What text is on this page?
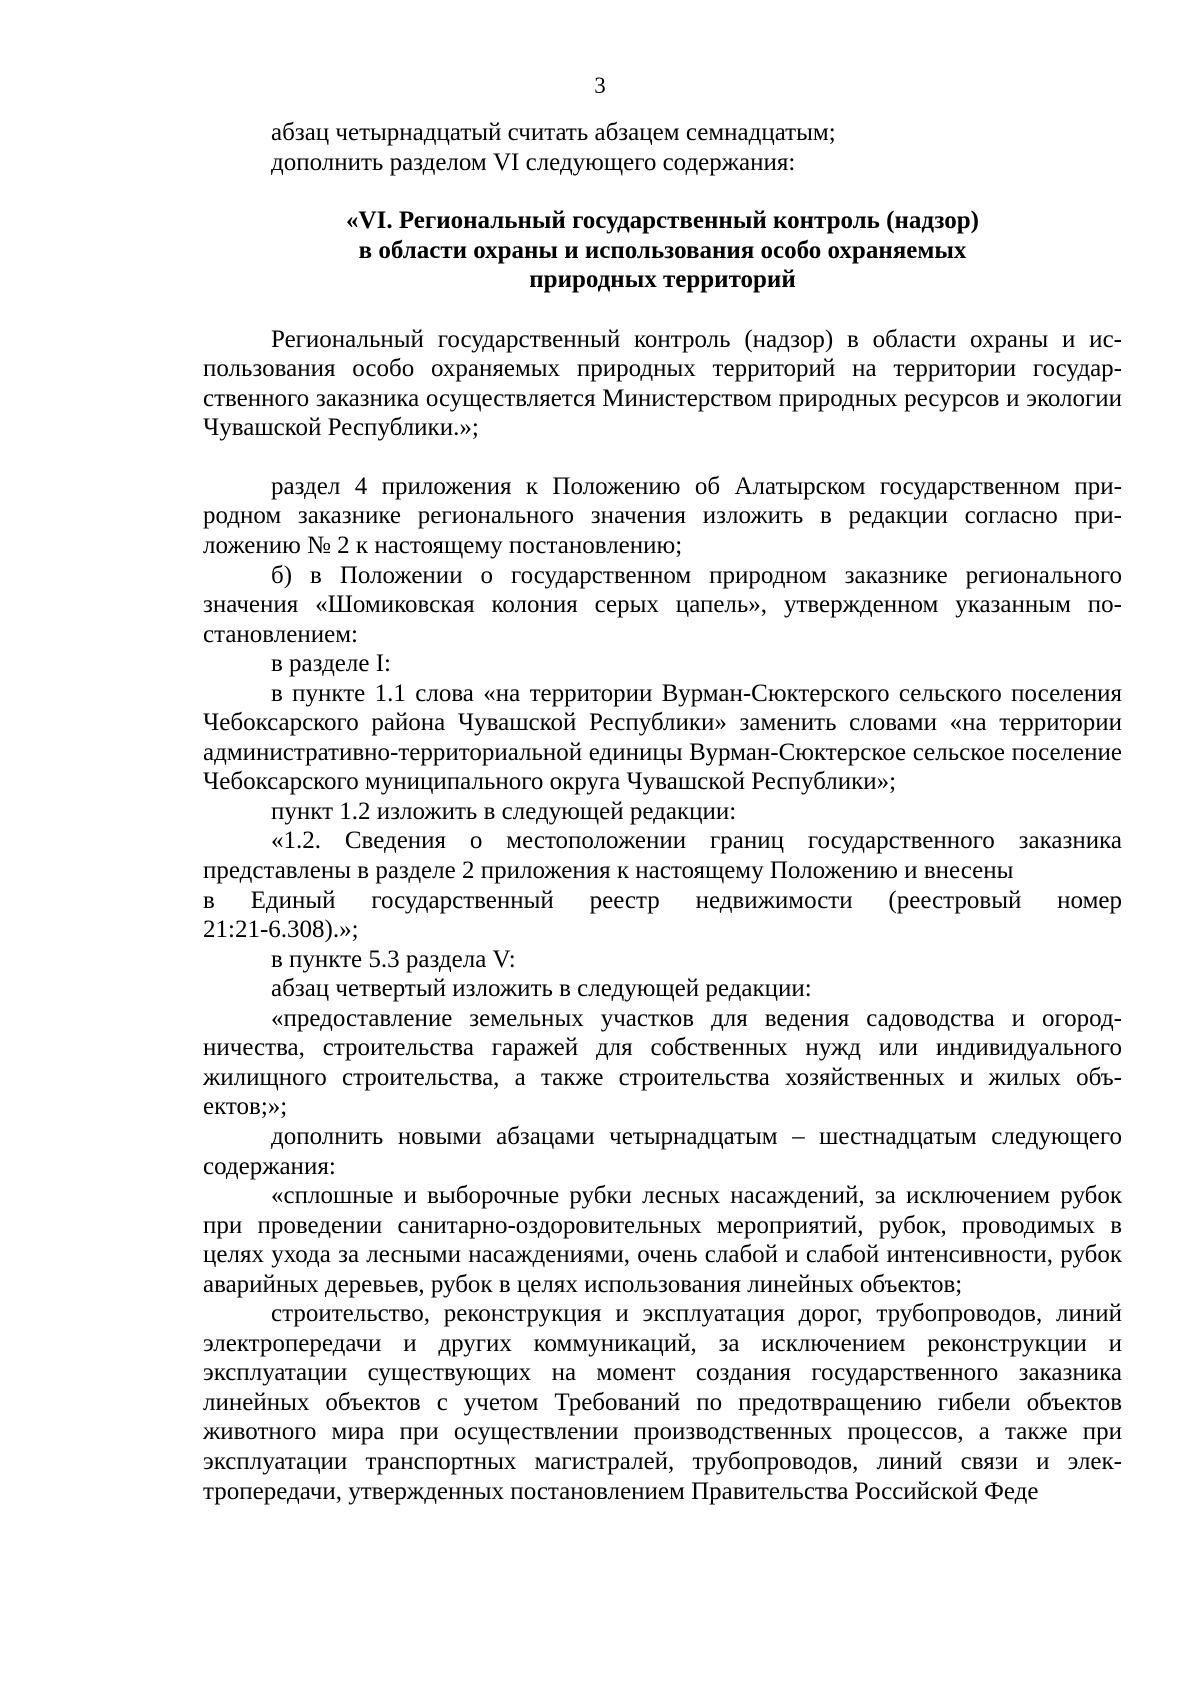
3

абзац четырнадцатый считать абзацем семнадцатым;

дополнить разделом VI следующего содержания:

«VI. Региональный государственный контроль (надзор)
в области охраны и использования особо охраняемых
природных территорий

Региональный государственный контроль (надзор) в области охраны и использования особо охраняемых природных территорий на территории государственного заказника осуществляется Министерством природных ресурсов и экологии Чувашской Республики.»;

раздел 4 приложения к Положению об Алатырском государственном природном заказнике регионального значения изложить в редакции согласно приложению № 2 к настоящему постановлению;

б) в Положении о государственном природном заказнике регионального значения «Шомиковская колония серых цапель», утвержденном указанным постановлением:

в разделе I:

в пункте 1.1 слова «на территории Вурман-Сюктерского сельского поселения Чебоксарского района Чувашской Республики» заменить словами «на территории административно-территориальной единицы Вурман-Сюктерское сельское поселение Чебоксарского муниципального округа Чувашской Республики»;

пункт 1.2 изложить в следующей редакции:

«1.2. Сведения о местоположении границ государственного заказника представлены в разделе 2 приложения к настоящему Положению и внесены

в Единый государственный реестр недвижимости (реестровый номер

21:21-6.308).»;

в пункте 5.3 раздела V:

абзац четвертый изложить в следующей редакции:

«предоставление земельных участков для ведения садоводства и огородничества, строительства гаражей для собственных нужд или индивидуального жилищного строительства, а также строительства хозяйственных и жилых объектов;»;

дополнить новыми абзацами четырнадцатым – шестнадцатым следующего содержания:

«сплошные и выборочные рубки лесных насаждений, за исключением рубок при проведении санитарно-оздоровительных мероприятий, рубок, проводимых в целях ухода за лесными насаждениями, очень слабой и слабой интенсивности, рубок аварийных деревьев, рубок в целях использования линейных объектов;

строительство, реконструкция и эксплуатация дорог, трубопроводов, линий электропередачи и других коммуникаций, за исключением реконструкции и эксплуатации существующих на момент создания государственного заказника линейных объектов с учетом Требований по предотвращению гибели объектов животного мира при осуществлении производственных процессов, а также при эксплуатации транспортных магистралей, трубопроводов, линий связи и электропередачи, утвержденных постановлением Правительства Российской Феде
